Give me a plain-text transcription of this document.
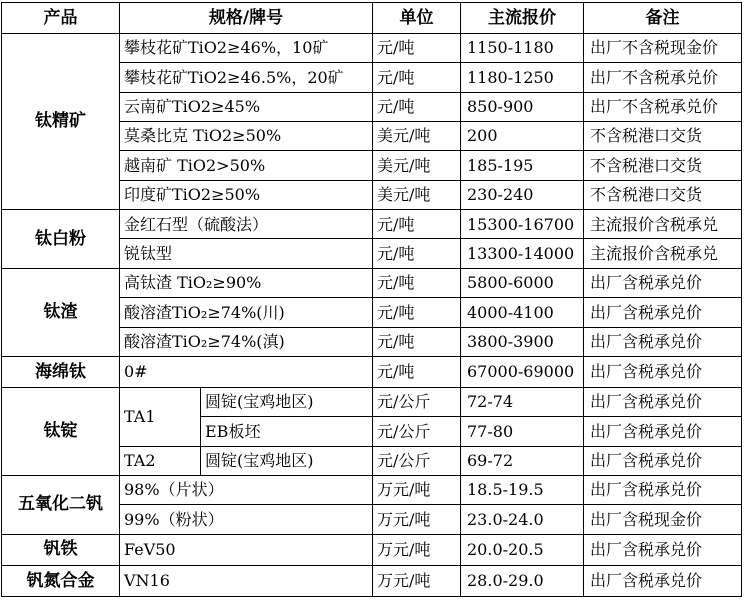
产品	规格/牌号		单位	主流报价	备注
钛精矿	攀枝花矿TiO2≥46%，10矿		元/吨	1150-1180	出厂不含税现金价
	攀枝花矿TiO2≥46.5%，20矿		元/吨	1180-1250	出厂不含税承兑价
	云南矿TiO2≥45%		元/吨	850-900	出厂不含税承兑价
	莫桑比克 TiO2≥50%		美元/吨	200	不含税港口交货
	越南矿 TiO2>50%		美元/吨	185-195	不含税港口交货
	印度矿TiO2≥50%		美元/吨	230-240	不含税港口交货
钛白粉	金红石型（硫酸法）		元/吨	15300-16700	主流报价含税承兑
	锐钛型		元/吨	13300-14000	主流报价含税承兑
钛渣	高钛渣 TiO₂≥90%		元/吨	5800-6000	出厂含税承兑价
	酸溶渣TiO₂≥74%(川)		元/吨	4000-4100	出厂含税承兑价
	酸溶渣TiO₂≥74%(滇)		元/吨	3800-3900	出厂含税承兑价
海绵钛	0#		元/吨	67000-69000	出厂含税承兑价
钛锭	TA1	圆锭(宝鸡地区)	元/公斤	72-74	出厂含税承兑价
		EB板坯	元/公斤	77-80	出厂含税承兑价
	TA2	圆锭(宝鸡地区)	元/公斤	69-72	出厂含税承兑价
五氧化二钒	98%（片状）		万元/吨	18.5-19.5	出厂含税承兑价
	99%（粉状）		万元/吨	23.0-24.0	出厂含税现金价
钒铁	FeV50		万元/吨	20.0-20.5	出厂含税承兑价
钒氮合金	VN16		万元/吨	28.0-29.0	出厂含税承兑价
